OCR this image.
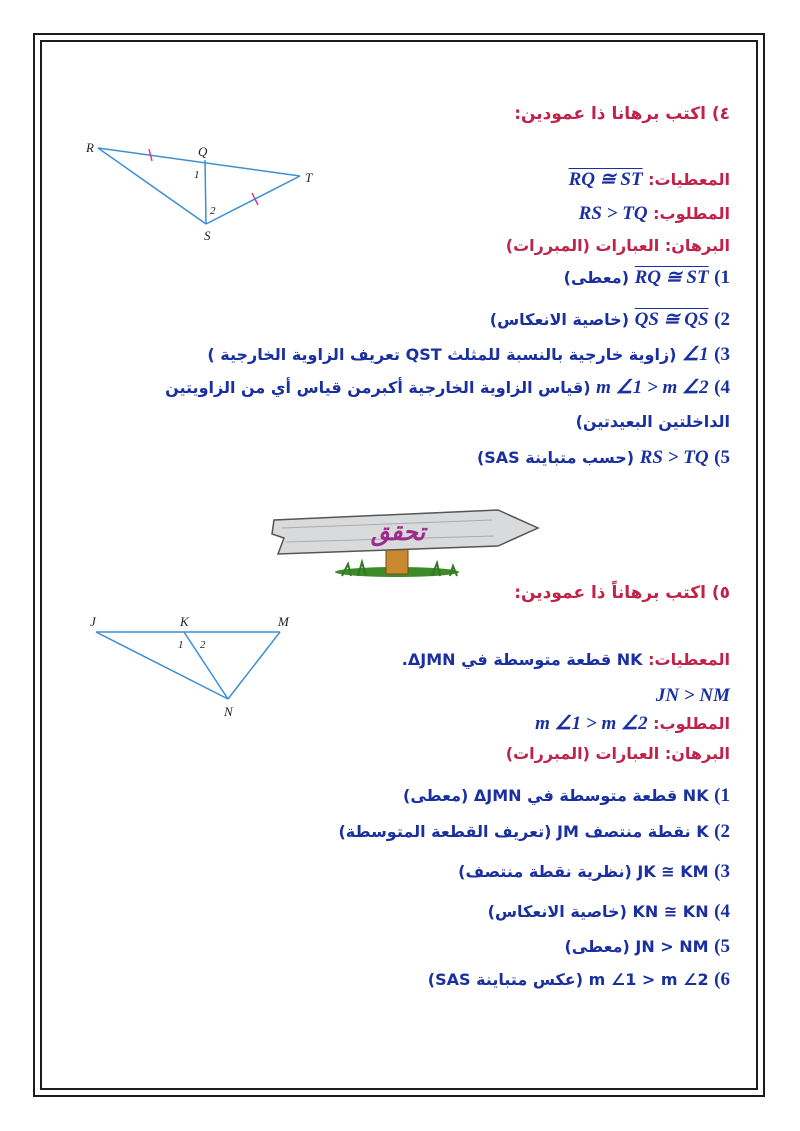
٤) اكتب برهانا ذا عمودين:
R	Q
T
S
1
2
المعطيات: RQ ≅ ST
المطلوب: RS > TQ
البرهان: العبارات (المبررات)
1) RQ ≅ ST (معطى)
2) QS ≅ QS (خاصية الانعكاس)
3) ∠1 (زاوية خارجية بالنسبة للمثلث QST تعريف الزاوية الخارجية )
4) m ∠1 > m ∠2 (قياس الزاوية الخارجية أكبرمن قياس أي من الزاويتين
الداخلتين البعيدتين)
5) RS > TQ (حسب متباينة SAS)
تحقق
٥) اكتب برهاناً ذا عمودين:
J	K	M
N
1 2
المعطيات: NK قطعة متوسطة في ΔJMN.
JN > NM
المطلوب: m ∠1 > m ∠2
البرهان: العبارات (المبررات)
1) NK قطعة متوسطة في ΔJMN (معطى)
2) K نقطة منتصف JM (تعريف القطعة المتوسطة)
3) JK ≅ KM (نظرية نقطة منتصف)
4) KN ≅ KN (خاصية الانعكاس)
5) JN > NM (معطى)
6) m ∠1 > m ∠2 (عكس متباينة SAS)
